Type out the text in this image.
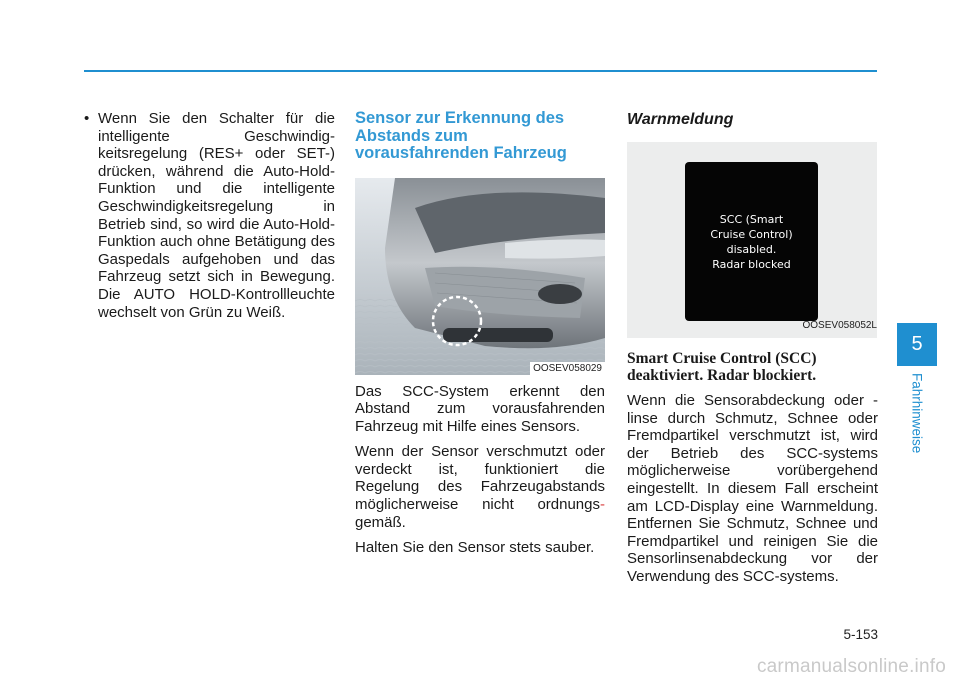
• Wenn Sie den Schalter für die intelligente Geschwindigkeitsregelung (RES+ oder SET-) drücken, während die Auto-Hold-Funktion und die intelligente Geschwindigkeitsregelung in Betrieb sind, so wird die Auto-Hold-Funktion auch ohne Betätigung des Gaspedals aufgehoben und das Fahrzeug setzt sich in Bewegung. Die AUTO HOLD-Kontrollleuchte wechselt von Grün zu Weiß.
Sensor zur Erkennung des Abstands zum vorausfahrenden Fahrzeug
OOSEV058029

Das SCC-System erkennt den Abstand zum vorausfahrenden Fahrzeug mit Hilfe eines Sensors.

Wenn der Sensor verschmutzt oder verdeckt ist, funktioniert die Regelung des Fahrzeugabstands möglicherweise nicht ordnungs-gemäß.

Halten Sie den Sensor stets sauber.

Warnmeldung
SCC (Smart
Cruise Control)
disabled.
Radar blocked
OOSEV058052L
Smart Cruise Control (SCC) deaktiviert. Radar blockiert.

Wenn die Sensorabdeckung oder -linse durch Schmutz, Schnee oder Fremdpartikel verschmutzt ist, wird der Betrieb des SCC-systems möglicherweise vorübergehend eingestellt. In diesem Fall erscheint am LCD-Display eine Warnmeldung. Entfernen Sie Schmutz, Schnee und Fremdpartikel und reinigen Sie die Sensorlinsenabdeckung vor der Verwendung des SCC-systems.

5
Fahrhinweise
5-153
carmanualsonline.info
